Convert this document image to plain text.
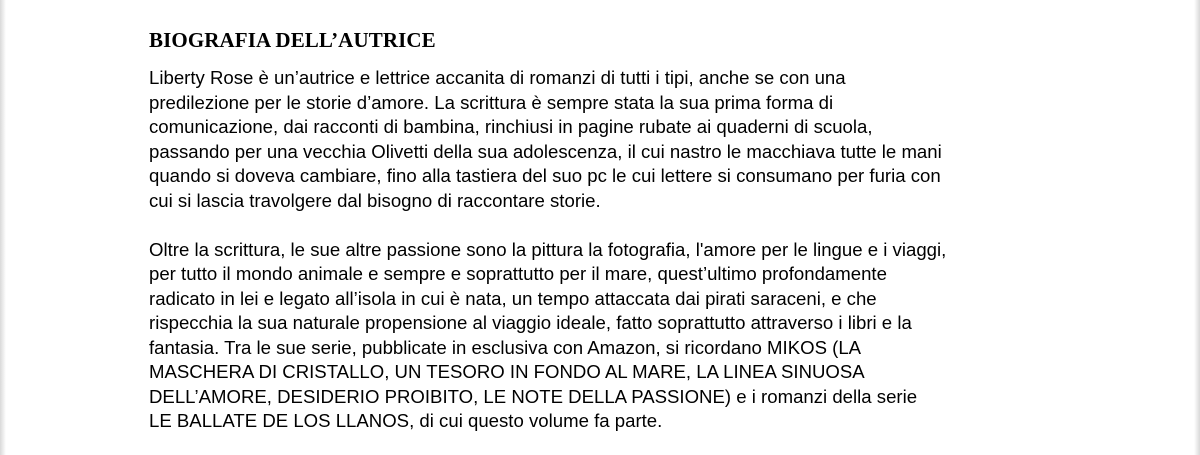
BIOGRAFIA DELL’AUTRICE

Liberty Rose è un’autrice e lettrice accanita di romanzi di tutti i tipi, anche se con una
predilezione per le storie d’amore. La scrittura è sempre stata la sua prima forma di
comunicazione, dai racconti di bambina, rinchiusi in pagine rubate ai quaderni di scuola,
passando per una vecchia Olivetti della sua adolescenza, il cui nastro le macchiava tutte le mani
quando si doveva cambiare, fino alla tastiera del suo pc le cui lettere si consumano per furia con
cui si lascia travolgere dal bisogno di raccontare storie.

Oltre la scrittura, le sue altre passione sono la pittura la fotografia, l'amore per le lingue e i viaggi,
per tutto il mondo animale e sempre e soprattutto per il mare, quest’ultimo profondamente
radicato in lei e legato all’isola in cui è nata, un tempo attaccata dai pirati saraceni, e che
rispecchia la sua naturale propensione al viaggio ideale, fatto soprattutto attraverso i libri e la
fantasia. Tra le sue serie, pubblicate in esclusiva con Amazon, si ricordano MIKOS (LA
MASCHERA DI CRISTALLO, UN TESORO IN FONDO AL MARE, LA LINEA SINUOSA
DELL’AMORE, DESIDERIO PROIBITO, LE NOTE DELLA PASSIONE) e i romanzi della serie
LE BALLATE DE LOS LLANOS, di cui questo volume fa parte.
